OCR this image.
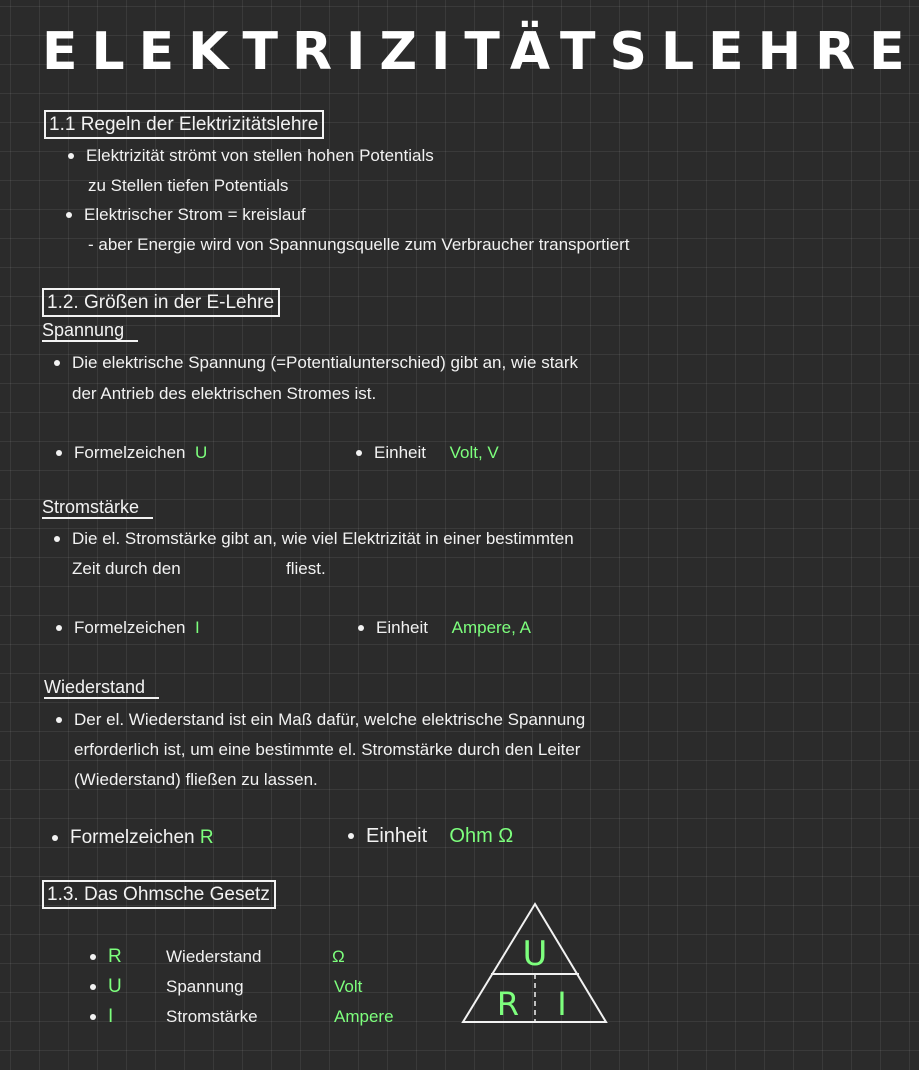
ELEKTRIZITÄTSLEHRE
1.1 Regeln der Elektrizitätslehre
Elektrizität strömt von stellen hohen Potentials
zu Stellen tiefen Potentials
Elektrischer Strom = kreislauf
- aber Energie wird von Spannungsquelle zum Verbraucher transportiert
1.2. Größen in der E-Lehre
Spannung
Die elektrische Spannung (=Potentialunterschied) gibt an, wie stark
der Antrieb des elektrischen Stromes ist.
Formelzeichen U	Einheit Volt, V
Stromstärke
Die el. Stromstärke gibt an, wie viel Elektrizität in einer bestimmten
Zeit durch den	fliest.
Formelzeichen I	Einheit Ampere, A
Wiederstand
Der el. Wiederstand ist ein Maß dafür, welche elektrische Spannung
erforderlich ist, um eine bestimmte el. Stromstärke durch den Leiter
(Wiederstand) fließen zu lassen.
Formelzeichen R	Einheit Ohm Ω
1.3. Das Ohmsche Gesetz
R	Wiederstand	Ω
U	Spannung	Volt
I	Stromstärke	Ampere
U
R I
